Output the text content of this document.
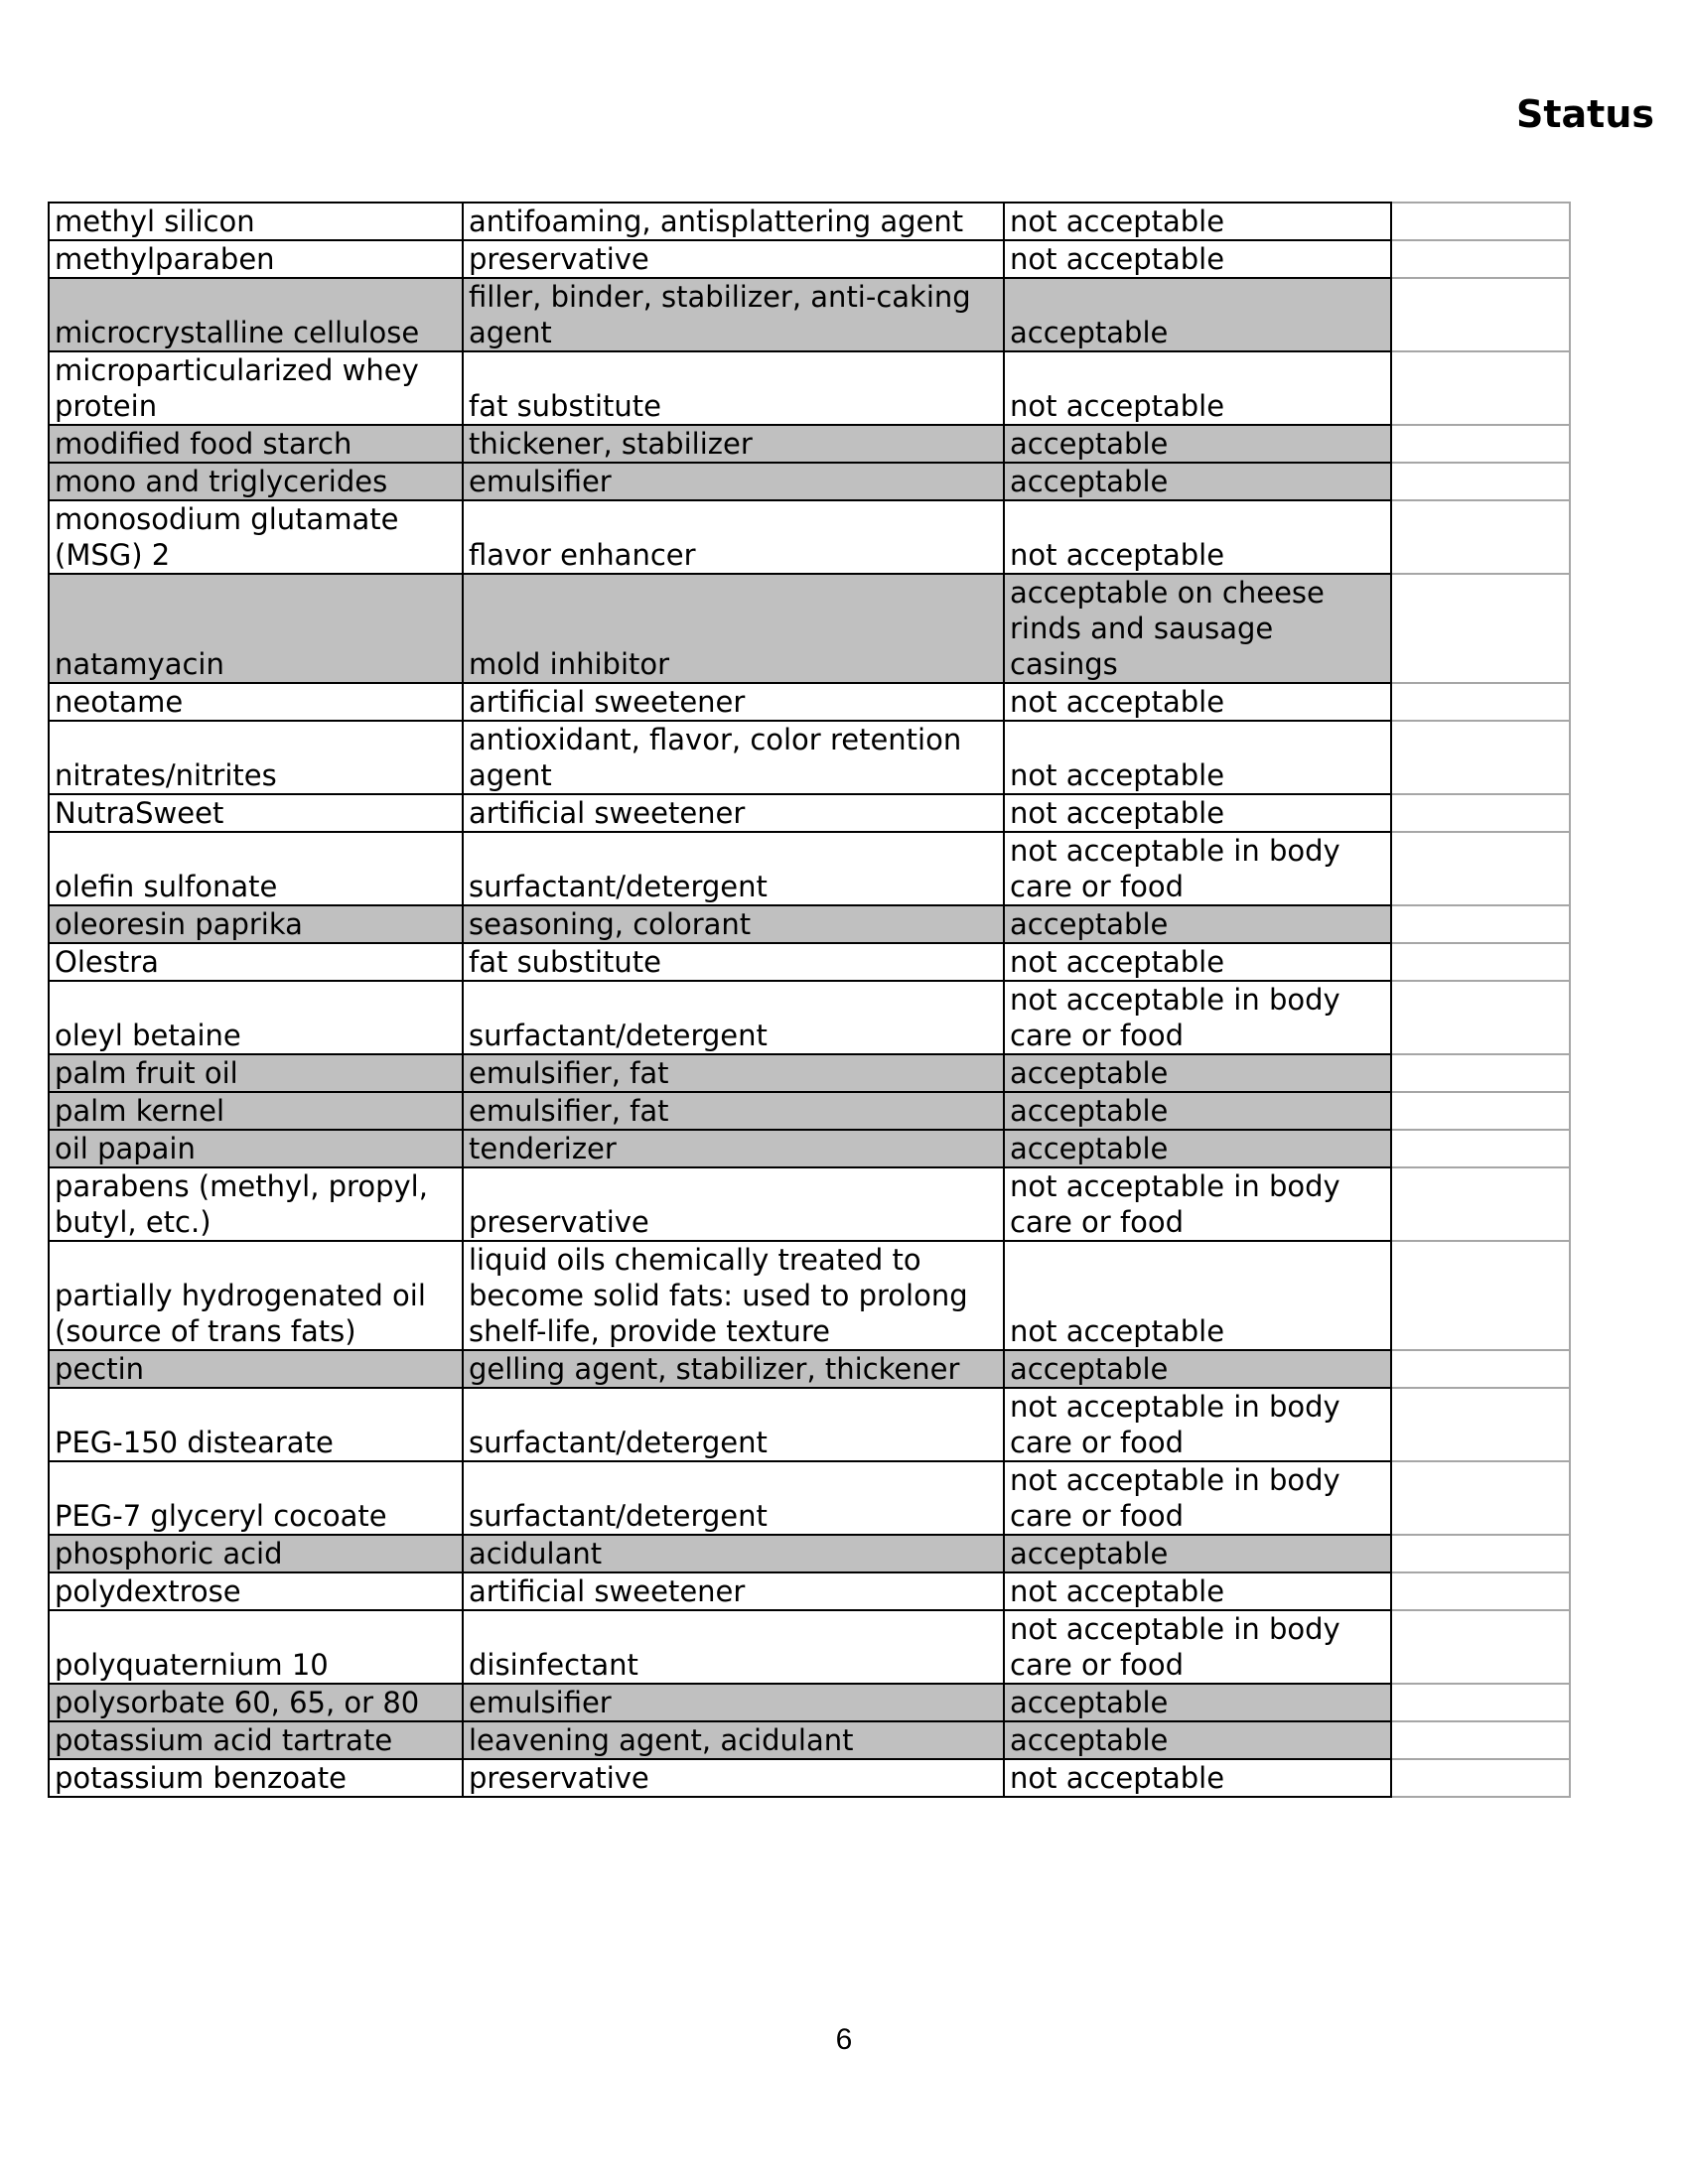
Status
methyl silicon	antifoaming, antisplattering agent	not acceptable	
methylparaben	preservative	not acceptable	
microcrystalline cellulose	filler, binder, stabilizer, anti-caking agent	acceptable	
microparticularized whey protein	fat substitute	not acceptable	
modified food starch	thickener, stabilizer	acceptable	
mono and triglycerides	emulsifier	acceptable	
monosodium glutamate (MSG) 2	flavor enhancer	not acceptable	
natamyacin	mold inhibitor	acceptable on cheese rinds and sausage casings	
neotame	artificial sweetener	not acceptable	
nitrates/nitrites	antioxidant, flavor, color retention agent	not acceptable	
NutraSweet	artificial sweetener	not acceptable	
olefin sulfonate	surfactant/detergent	not acceptable in body care or food	
oleoresin paprika	seasoning, colorant	acceptable	
Olestra	fat substitute	not acceptable	
oleyl betaine	surfactant/detergent	not acceptable in body care or food	
palm fruit oil	emulsifier, fat	acceptable	
palm kernel	emulsifier, fat	acceptable	
oil papain	tenderizer	acceptable	
parabens (methyl, propyl, butyl, etc.)	preservative	not acceptable in body care or food	
partially hydrogenated oil (source of trans fats)	liquid oils chemically treated to become solid fats: used to prolong shelf-life, provide texture	not acceptable	
pectin	gelling agent, stabilizer, thickener	acceptable	
PEG-150 distearate	surfactant/detergent	not acceptable in body care or food	
PEG-7 glyceryl cocoate	surfactant/detergent	not acceptable in body care or food	
phosphoric acid	acidulant	acceptable	
polydextrose	artificial sweetener	not acceptable	
polyquaternium 10	disinfectant	not acceptable in body care or food	
polysorbate 60, 65, or 80	emulsifier	acceptable	
potassium acid tartrate	leavening agent, acidulant	acceptable	
potassium benzoate	preservative	not acceptable	
6
